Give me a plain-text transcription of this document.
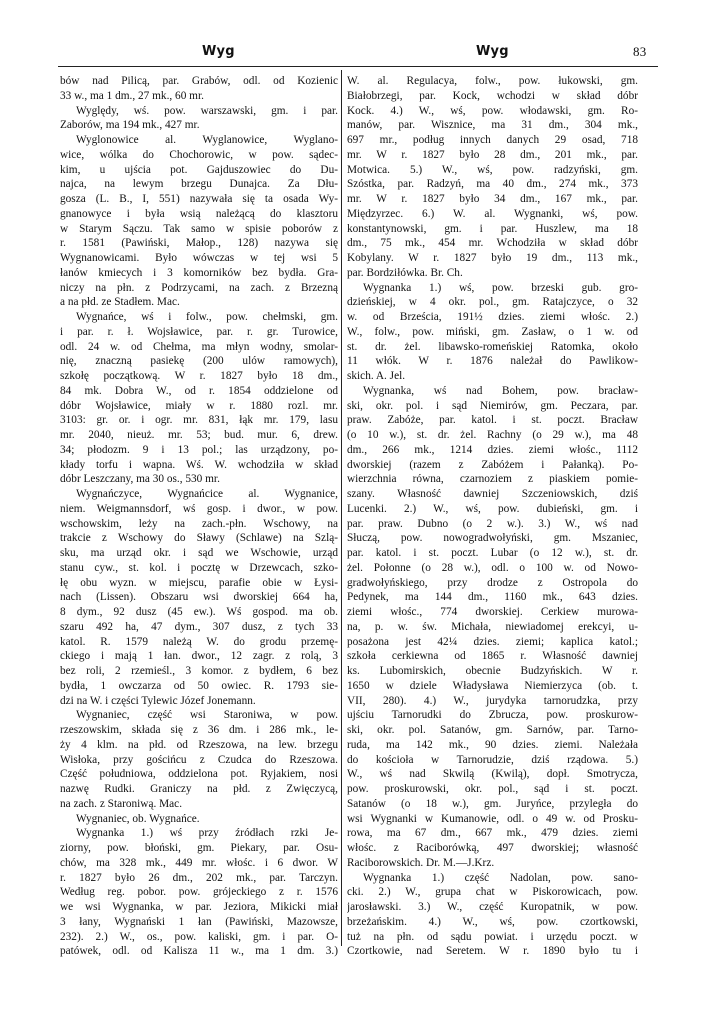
Wyg	Wyg	83
bów nad Pilicą, par. Grabów, odl. od Kozienic
33 w., ma 1 dm., 27 mk., 60 mr.
Wyględy, wś. pow. warszawski, gm. i par.
Zaborów, ma 194 mk., 427 mr.
Wyglonowice al. Wyglanowice, Wyglano-
wice, wólka do Chochorowic, w pow. sądec-
kim, u ujścia pot. Gajduszowiec do Du-
najca, na lewym brzegu Dunajca. Za Dłu-
gosza (L. B., I, 551) nazywała się ta osada Wy-
gnanowyce i była wsią należącą do klasztoru
w Starym Sączu. Tak samo w spisie poborów z
r. 1581 (Pawiński, Małop., 128) nazywa się
Wygnanowicami. Było wówczas w tej wsi 5
łanów kmiecych i 3 komorników bez bydła. Gra-
niczy na płn. z Podrzycami, na zach. z Brzezną
a na płd. ze Stadłem. Mac.
Wygnańce, wś i folw., pow. chełmski, gm.
i par. r. ł. Wojsławice, par. r. gr. Turowice,
odl. 24 w. od Chełma, ma młyn wodny, smolar-
nię, znaczną pasiekę (200 ulów ramowych),
szkołę początkową. W r. 1827 było 18 dm.,
84 mk. Dobra W., od r. 1854 oddzielone od
dóbr Wojsławice, miały w r. 1880 rozl. mr.
3103: gr. or. i ogr. mr. 831, łąk mr. 179, lasu
mr. 2040, nieuż. mr. 53; bud. mur. 6, drew.
34; płodozm. 9 i 13 pol.; las urządzony, po-
kłady torfu i wapna. Wś. W. wchodziła w skład
dóbr Leszczany, ma 30 os., 530 mr.
Wygnańczyce, Wygnańcice al. Wygnanice,
niem. Weigmannsdorf, wś gosp. i dwor., w pow.
wschowskim, leży na zach.-płn. Wschowy, na
trakcie z Wschowy do Sławy (Schlawe) na Szlą-
sku, ma urząd okr. i sąd we Wschowie, urząd
stanu cyw., st. kol. i pocztę w Drzewcach, szko-
łę obu wyzn. w miejscu, parafie obie w Łysi-
nach (Lissen). Obszaru wsi dworskiej 664 ha,
8 dym., 92 dusz (45 ew.). Wś gospod. ma ob.
szaru 492 ha, 47 dym., 307 dusz, z tych 33
katol. R. 1579 należą W. do grodu przemę-
ckiego i mają 1 łan. dwor., 12 zagr. z rolą, 3
bez roli, 2 rzemieśl., 3 komor. z bydłem, 6 bez
bydła, 1 owczarza od 50 owiec. R. 1793 sie-
dzi na W. i części Tylewic Józef Jonemann.
Wygnaniec, część wsi Staroniwa, w pow.
rzeszowskim, składa się z 36 dm. i 286 mk., le-
ży 4 klm. na płd. od Rzeszowa, na lew. brzegu
Wisłoka, przy gościńcu z Czudca do Rzeszowa.
Część południowa, oddzielona pot. Ryjakiem, nosi
nazwę Rudki. Graniczy na płd. z Zwięczycą,
na zach. z Staroniwą. Mac.
Wygnaniec, ob. Wygnańce.
Wygnanka 1.) wś przy źródłach rzki Je-
ziorny, pow. błoński, gm. Piekary, par. Osu-
chów, ma 328 mk., 449 mr. włośc. i 6 dwor. W
r. 1827 było 26 dm., 202 mk., par. Tarczyn.
Według reg. pobor. pow. grójeckiego z r. 1576
we wsi Wygnanka, w par. Jeziora, Mikicki miał
3 łany, Wygnański 1 łan (Pawiński, Mazowsze,
232). 2.) W., os., pow. kaliski, gm. i par. O-
patówek, odl. od Kalisza 11 w., ma 1 dm. 3.)
W. al. Regulacya, folw., pow. łukowski, gm.
Białobrzegi, par. Kock, wchodzi w skład dóbr
Kock. 4.) W., wś, pow. włodawski, gm. Ro-
manów, par. Wisznice, ma 31 dm., 304 mk.,
697 mr., podług innych danych 29 osad, 718
mr. W r. 1827 było 28 dm., 201 mk., par.
Motwica. 5.) W., wś, pow. radzyński, gm.
Szóstka, par. Radzyń, ma 40 dm., 274 mk., 373
mr. W r. 1827 było 34 dm., 167 mk., par.
Międzyrzec. 6.) W. al. Wygnanki, wś, pow.
konstantynowski, gm. i par. Huszlew, ma 18
dm., 75 mk., 454 mr. Wchodziła w skład dóbr
Kobylany. W r. 1827 było 19 dm., 113 mk.,
par. Bordziłówka. Br. Ch.
Wygnanka 1.) wś, pow. brzeski gub. gro-
dzieńskiej, w 4 okr. pol., gm. Ratajczyce, o 32
w. od Brześcia, 191½ dzies. ziemi włośc. 2.)
W., folw., pow. miński, gm. Zasław, o 1 w. od
st. dr. żel. libawsko-romeńskiej Ratomka, około
11 włók. W r. 1876 należał do Pawlikow-
skich. A. Jel.
Wygnanka, wś nad Bohem, pow. bracław-
ski, okr. pol. i sąd Niemirów, gm. Peczara, par.
praw. Zabóże, par. katol. i st. poczt. Bracław
(o 10 w.), st. dr. żel. Rachny (o 29 w.), ma 48
dm., 266 mk., 1214 dzies. ziemi włośc., 1112
dworskiej (razem z Zabóżem i Pałanką). Po-
wierzchnia równa, czarnoziem z piaskiem pomie-
szany. Własność dawniej Szczeniowskich, dziś
Lucenki. 2.) W., wś, pow. dubieński, gm. i
par. praw. Dubno (o 2 w.). 3.) W., wś nad
Słuczą, pow. nowogradwołyński, gm. Mszaniec,
par. katol. i st. poczt. Lubar (o 12 w.), st. dr.
żel. Połonne (o 28 w.), odl. o 100 w. od Nowo-
gradwołyńskiego, przy drodze z Ostropola do
Pedynek, ma 144 dm., 1160 mk., 643 dzies.
ziemi włośc., 774 dworskiej. Cerkiew murowa-
na, p. w. św. Michała, niewiadomej erekcyi, u-
posażona jest 42¼ dzies. ziemi; kaplica katol.;
szkoła cerkiewna od 1865 r. Własność dawniej
ks. Lubomirskich, obecnie Budzyńskich. W r.
1650 w dziele Władysława Niemierzyca (ob. t.
VII, 280). 4.) W., jurydyka tarnorudzka, przy
ujściu Tarnorudki do Zbrucza, pow. proskurow-
ski, okr. pol. Satanów, gm. Sarnów, par. Tarno-
ruda, ma 142 mk., 90 dzies. ziemi. Należała
do kościoła w Tarnorudzie, dziś rządowa. 5.)
W., wś nad Skwilą (Kwilą), dopł. Smotrycza,
pow. proskurowski, okr. pol., sąd i st. poczt.
Satanów (o 18 w.), gm. Juryńce, przyległa do
wsi Wygnanki w Kumanowie, odl. o 49 w. od Prosku-
rowa, ma 67 dm., 667 mk., 479 dzies. ziemi
włośc. z Raciborówką, 497 dworskiej; własność
Raciborowskich. Dr. M.—J.Krz.
Wygnanka 1.) część Nadolan, pow. sano-
cki. 2.) W., grupa chat w Piskorowicach, pow.
jarosławski. 3.) W., część Kuropatnik, w pow.
brzeżańskim. 4.) W., wś, pow. czortkowski,
tuż na płn. od sądu powiat. i urzędu poczt. w
Czortkowie, nad Seretem. W r. 1890 było tu i
